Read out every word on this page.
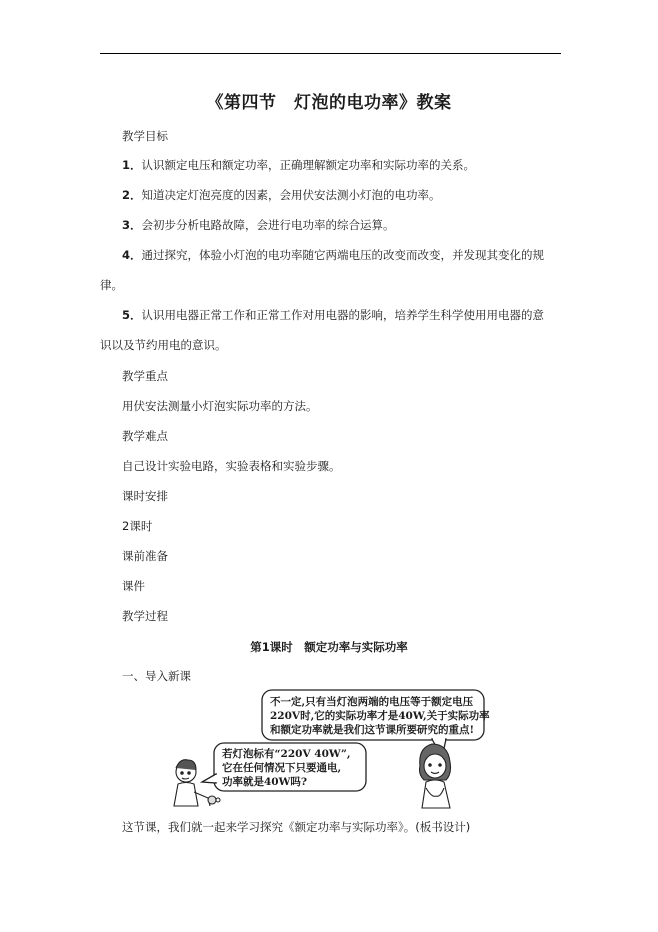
《第四节　灯泡的电功率》教案
教学目标
1．认识额定电压和额定功率，正确理解额定功率和实际功率的关系。
2．知道决定灯泡亮度的因素，会用伏安法测小灯泡的电功率。
3．会初步分析电路故障，会进行电功率的综合运算。
4．通过探究，体验小灯泡的电功率随它两端电压的改变而改变，并发现其变化的规
律。
5．认识用电器正常工作和正常工作对用电器的影响，培养学生科学使用用电器的意
识以及节约用电的意识。
教学重点
用伏安法测量小灯泡实际功率的方法。
教学难点
自己设计实验电路，实验表格和实验步骤。
课时安排
2课时
课前准备
课件
教学过程
第1课时　额定功率与实际功率
一、导入新课
不一定,只有当灯泡两端的电压等于额定电压
220V时,它的实际功率才是40W,关于实际功率
和额定功率就是我们这节课所要研究的重点!
若灯泡标有“220V 40W”,
它在任何情况下只要通电,
功率就是40W吗?
这节课，我们就一起来学习探究《额定功率与实际功率》。(板书设计)
